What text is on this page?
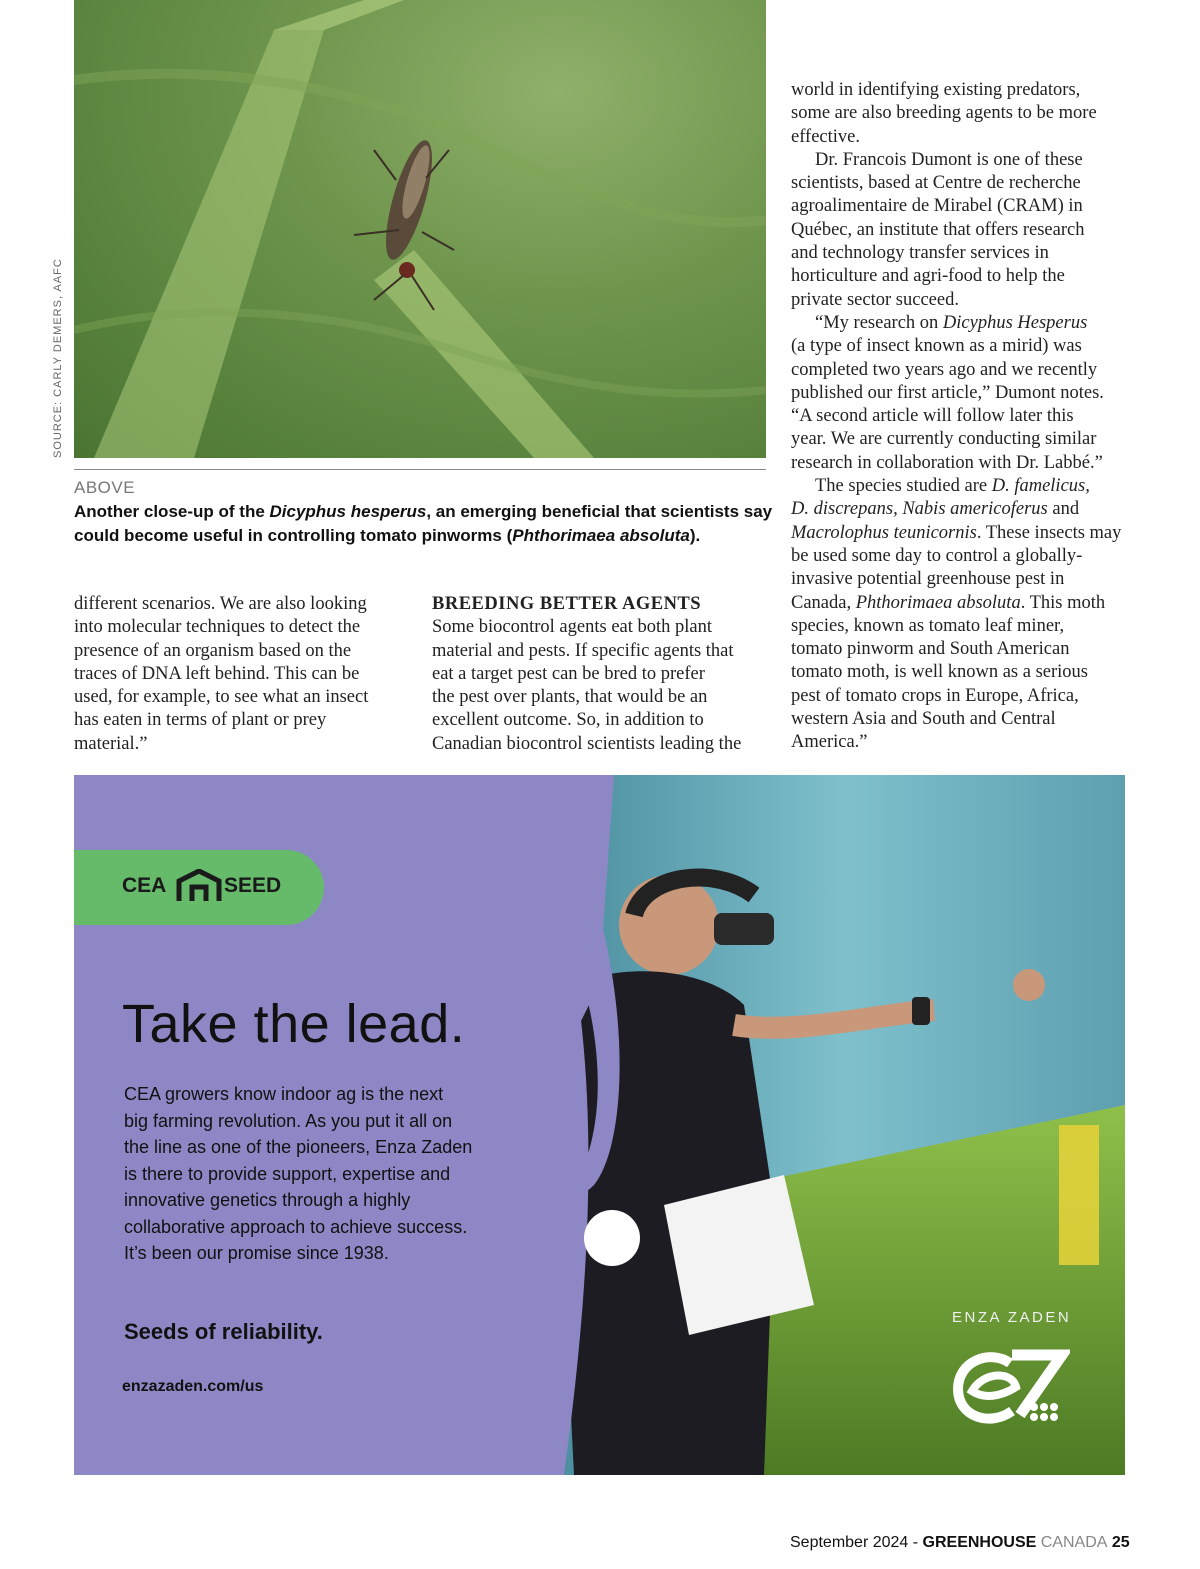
SOURCE: CARLY DEMERS, AAFC
ABOVE
Another close-up of the Dicyphus hesperus, an emerging beneficial that scientists say
could become useful in controlling tomato pinworms (Phthorimaea absoluta).

different scenarios. We are also looking

into molecular techniques to detect the

presence of an organism based on the

traces of DNA left behind. This can be

used, for example, to see what an insect

has eaten in terms of plant or prey

material.”

BREEDING BETTER AGENTS

Some biocontrol agents eat both plant

material and pests. If specific agents that

eat a target pest can be bred to prefer

the pest over plants, that would be an

excellent outcome. So, in addition to

Canadian biocontrol scientists leading the

world in identifying existing predators,

some are also breeding agents to be more

effective.

Dr. Francois Dumont is one of these

scientists, based at Centre de recherche

agroalimentaire de Mirabel (CRAM) in

Québec, an institute that offers research

and technology transfer services in

horticulture and agri-food to help the

private sector succeed.

“My research on Dicyphus Hesperus

(a type of insect known as a mirid) was

completed two years ago and we recently

published our first article,” Dumont notes.

“A second article will follow later this

year. We are currently conducting similar

research in collaboration with Dr. Labbé.”

The species studied are D. famelicus,

D. discrepans, Nabis americoferus and

Macrolophus teunicornis. These insects may

be used some day to control a globally-

invasive potential greenhouse pest in

Canada, Phthorimaea absoluta. This moth

species, known as tomato leaf miner,

tomato pinworm and South American

tomato moth, is well known as a serious

pest of tomato crops in Europe, Africa,

western Asia and South and Central

America.”

CEA	SEED
Take the lead.

CEA growers know indoor ag is the next

big farming revolution. As you put it all on

the line as one of the pioneers, Enza Zaden

is there to provide support, expertise and

innovative genetics through a highly

collaborative approach to achieve success.

It’s been our promise since 1938.

Seeds of reliability.
enzazaden.com/us
ENZA ZADEN
September 2024 - GREENHOUSE CANADA 25
